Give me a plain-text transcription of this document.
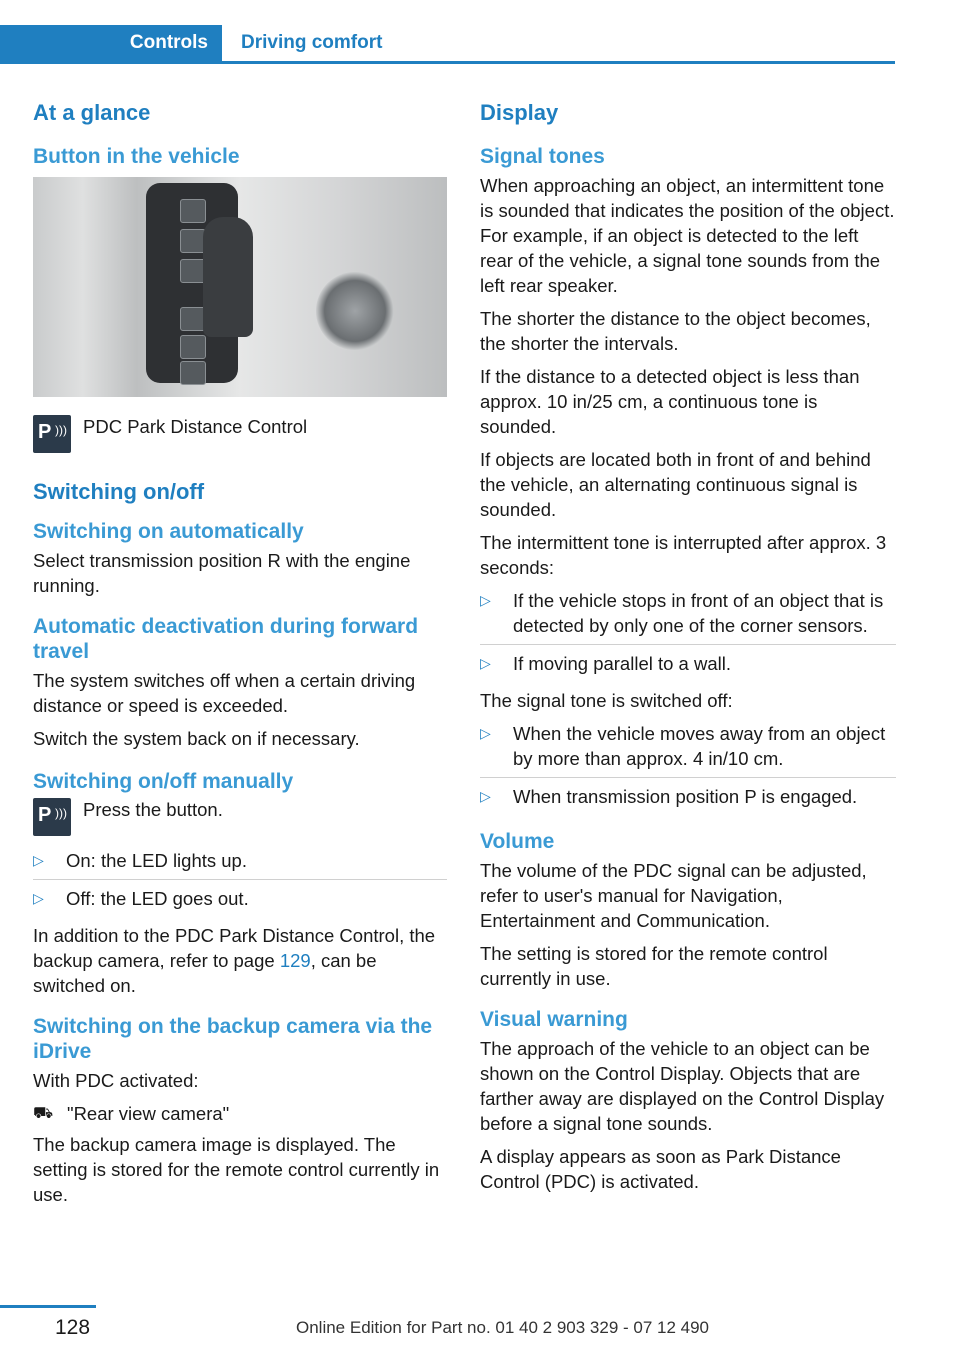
Controls	Driving comfort
At a glance
Button in the vehicle
P ))) PDC Park Distance Control
Switching on/off
Switching on automatically

Select transmission position R with the engine running.

Automatic deactivation during forward travel

The system switches off when a certain driving distance or speed is exceeded.

Switch the system back on if necessary.

Switching on/off manually
P ))) Press the button.
▷ On: the LED lights up.
▷ Off: the LED goes out.

In addition to the PDC Park Distance Control, the backup camera, refer to page 129, can be switched on.

Switching on the backup camera via the iDrive

With PDC activated:

⛟ "Rear view camera"

The backup camera image is displayed. The setting is stored for the remote control currently in use.

Display
Signal tones

When approaching an object, an intermittent tone is sounded that indicates the position of the object. For example, if an object is detected to the left rear of the vehicle, a signal tone sounds from the left rear speaker.

The shorter the distance to the object becomes, the shorter the intervals.

If the distance to a detected object is less than approx. 10 in/25 cm, a continuous tone is sounded.

If objects are located both in front of and behind the vehicle, an alternating continuous signal is sounded.

The intermittent tone is interrupted after approx. 3 seconds:

▷ If the vehicle stops in front of an object that is detected by only one of the corner sensors.
▷ If moving parallel to a wall.

The signal tone is switched off:

▷ When the vehicle moves away from an object by more than approx. 4 in/10 cm.
▷ When transmission position P is engaged.
Volume

The volume of the PDC signal can be adjusted, refer to user's manual for Navigation, Entertainment and Communication.

The setting is stored for the remote control currently in use.

Visual warning

The approach of the vehicle to an object can be shown on the Control Display. Objects that are farther away are displayed on the Control Display before a signal tone sounds.

A display appears as soon as Park Distance Control (PDC) is activated.

128	Online Edition for Part no. 01 40 2 903 329 - 07 12 490
